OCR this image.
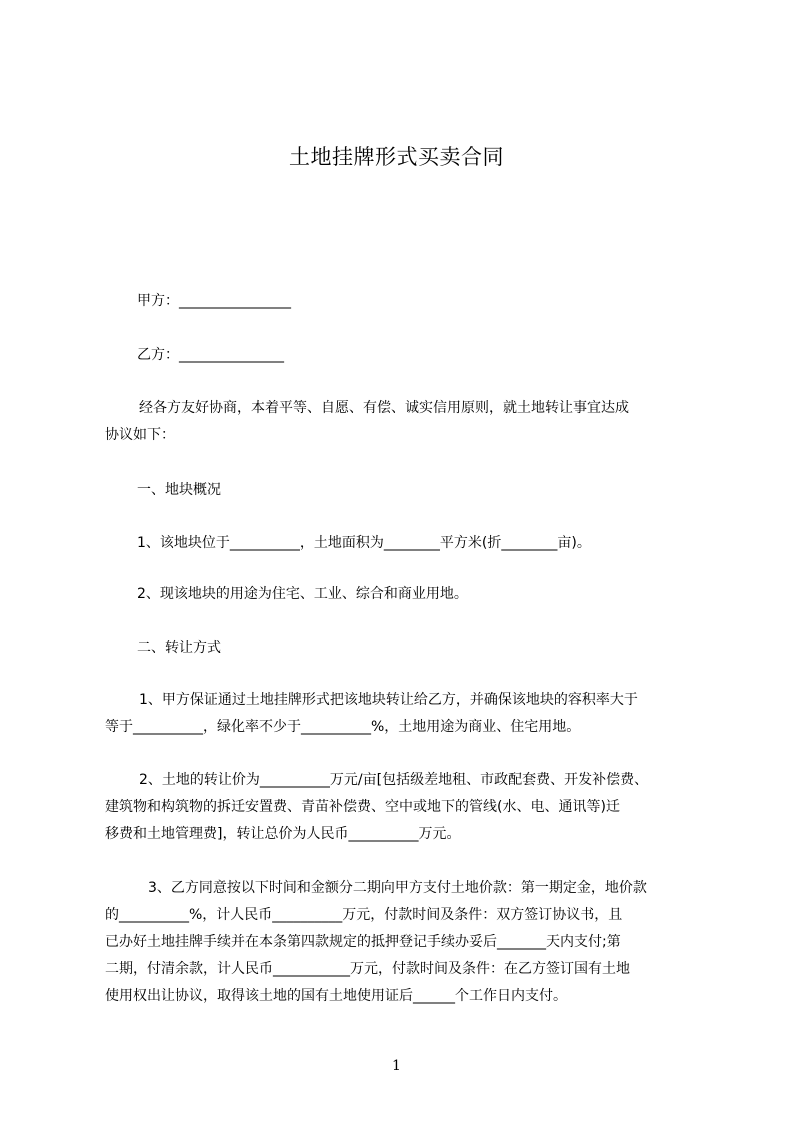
土地挂牌形式买卖合同
甲方：________________
乙方：_______________
经各方友好协商，本着平等、自愿、有偿、诚实信用原则，就土地转让事宜达成
协议如下：
一、地块概况
1、该地块位于__________，土地面积为________平方米(折________亩)。
2、现该地块的用途为住宅、工业、综合和商业用地。
二、转让方式
1、甲方保证通过土地挂牌形式把该地块转让给乙方，并确保该地块的容积率大于
等于__________，绿化率不少于__________%，土地用途为商业、住宅用地。
2、土地的转让价为__________万元/亩[包括级差地租、市政配套费、开发补偿费、
建筑物和构筑物的拆迁安置费、青苗补偿费、空中或地下的管线(水、电、通讯等)迁
移费和土地管理费]，转让总价为人民币__________万元。
3、乙方同意按以下时间和金额分二期向甲方支付土地价款：第一期定金，地价款
的__________%，计人民币__________万元，付款时间及条件：双方签订协议书，且
已办好土地挂牌手续并在本条第四款规定的抵押登记手续办妥后_______天内支付;第
二期，付清余款，计人民币___________万元，付款时间及条件：在乙方签订国有土地
使用权出让协议，取得该土地的国有土地使用证后______个工作日内支付。
1
